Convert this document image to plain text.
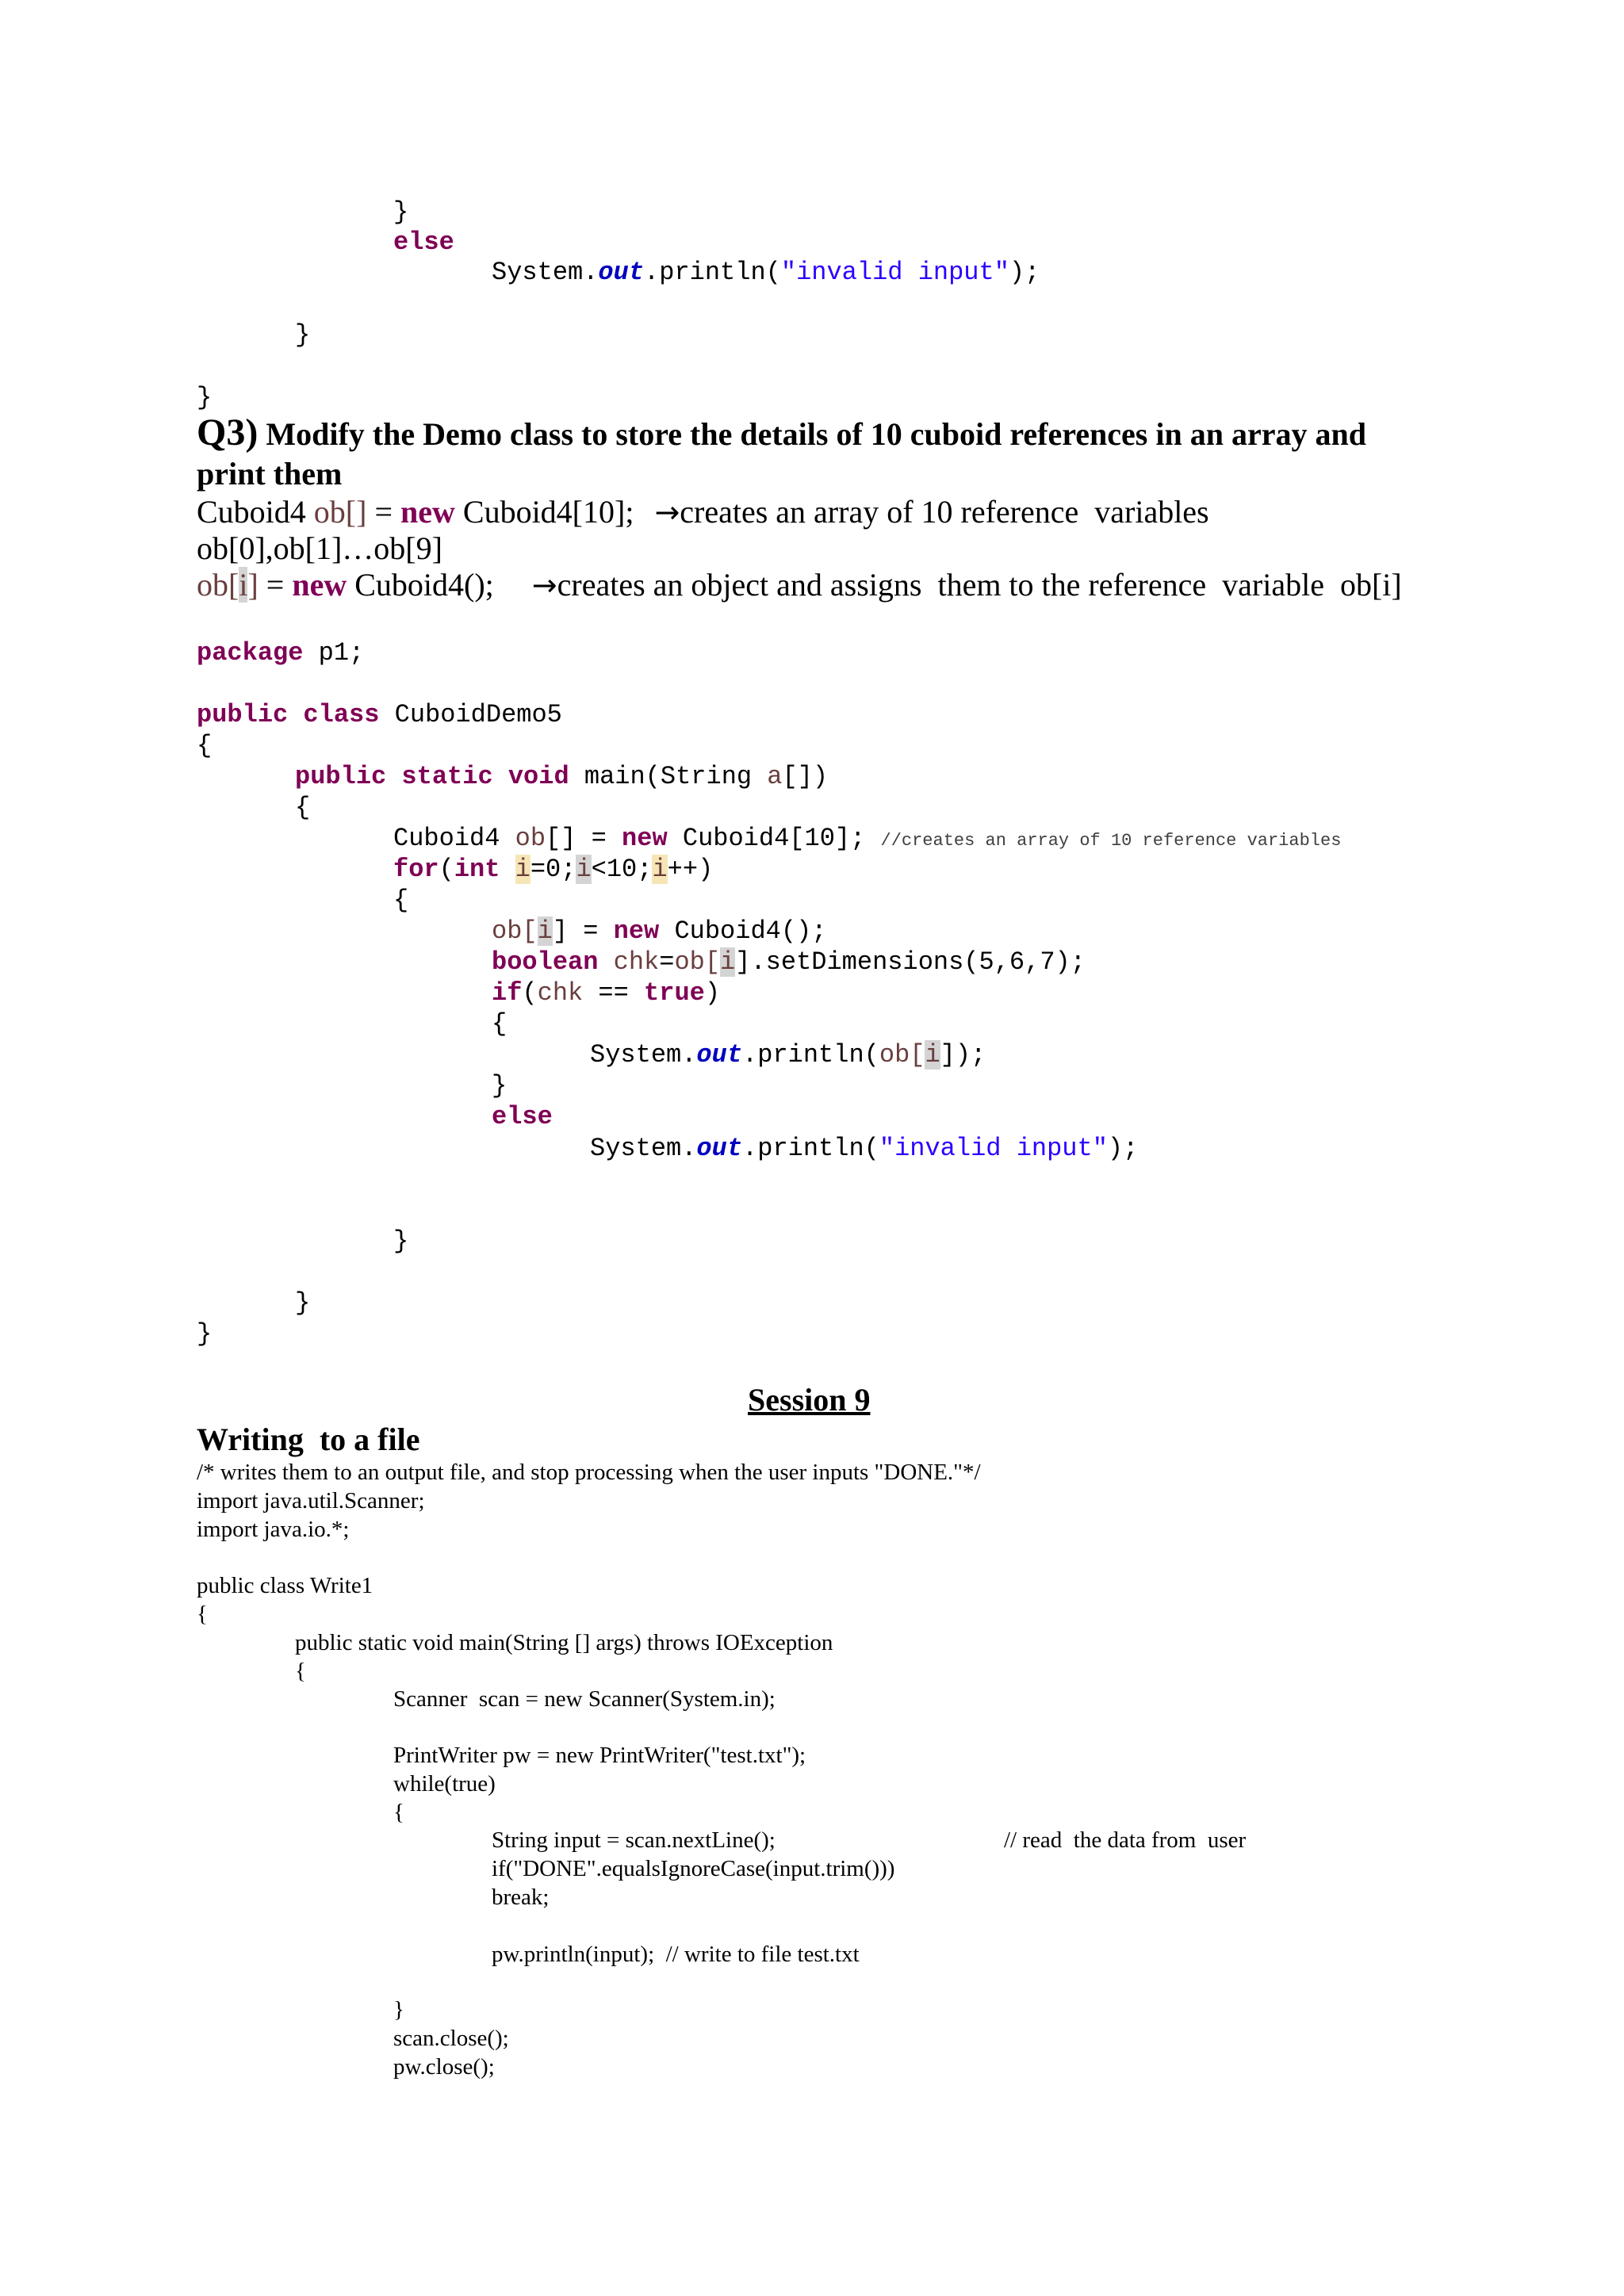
}
else
System.out.println("invalid input");
}
}
Q3) Modify the Demo class to store the details of 10 cuboid references in an array and
print them
Cuboid4 ob[] = new Cuboid4[10]; →creates an array of 10 reference  variables
ob[0],ob[1]…ob[9]
ob[i] = new Cuboid4(); →creates an object and assigns  them to the reference  variable  ob[i]
package p1;
public class CuboidDemo5
{
public static void main(String a[])
{
Cuboid4 ob[] = new Cuboid4[10]; //creates an array of 10 reference variables
for(int i=0;i<10;i++)
{
ob[i] = new Cuboid4();
boolean chk=ob[i].setDimensions(5,6,7);
if(chk == true)
{
System.out.println(ob[i]);
}
else
System.out.println("invalid input");
}
}
}
Session 9
Writing  to a file
/* writes them to an output file, and stop processing when the user inputs "DONE."*/
import java.util.Scanner;
import java.io.*;
public class Write1
{
public static void main(String [] args) throws IOException
{
Scanner  scan = new Scanner(System.in);
PrintWriter pw = new PrintWriter("test.txt");
while(true)
{
String input = scan.nextLine();	// read  the data from  user
if("DONE".equalsIgnoreCase(input.trim()))
break;
pw.println(input);  // write to file test.txt
}
scan.close();
pw.close();
